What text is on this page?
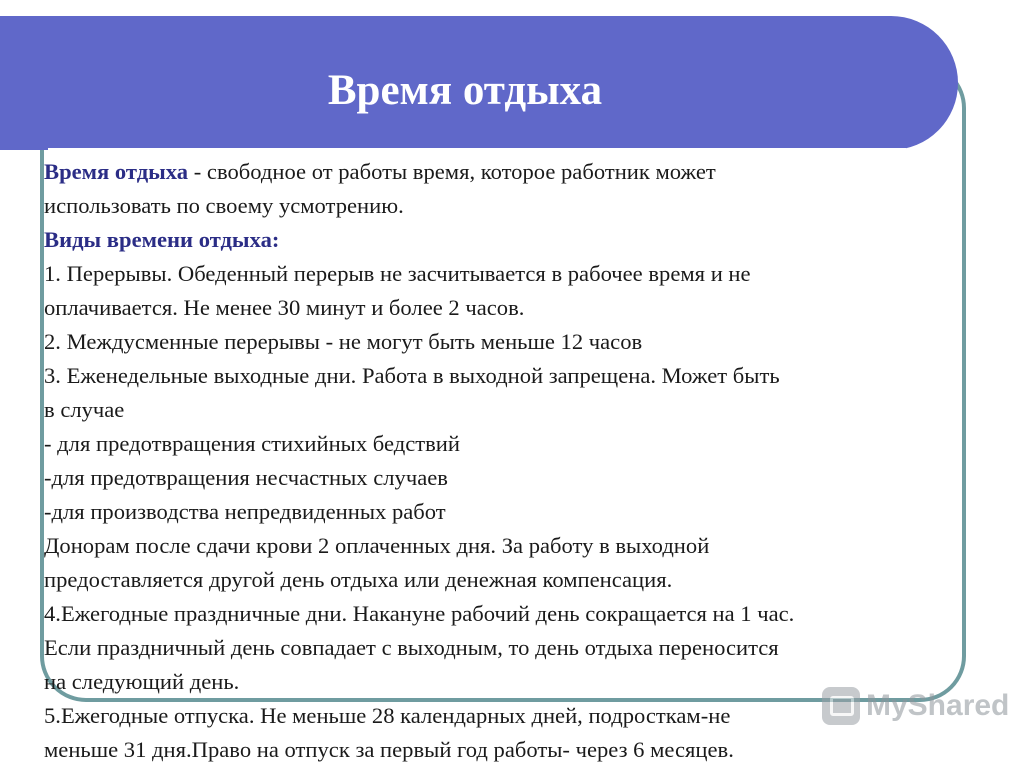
Время отдыха

Время отдыха - свободное от работы время, которое работник может

использовать по своему усмотрению.

Виды времени отдыха:

1. Перерывы. Обеденный перерыв не засчитывается в рабочее время и не

оплачивается. Не менее 30 минут и более 2 часов.

2. Междусменные перерывы - не могут быть меньше 12 часов

3. Еженедельные выходные дни. Работа в выходной запрещена. Может быть

в случае

- для предотвращения стихийных бедствий

-для предотвращения несчастных случаев

-для производства непредвиденных работ

Донорам после сдачи крови 2 оплаченных дня. За работу в выходной

предоставляется другой день отдыха или денежная компенсация.

4.Ежегодные праздничные дни. Накануне рабочий день сокращается на 1 час.

Если праздничный день совпадает с выходным, то день отдыха переносится

на следующий день.

5.Ежегодные отпуска. Не меньше 28 календарных дней, подросткам-не

меньше 31 дня.Право на отпуск за первый год работы- через 6 месяцев.

MyShared
